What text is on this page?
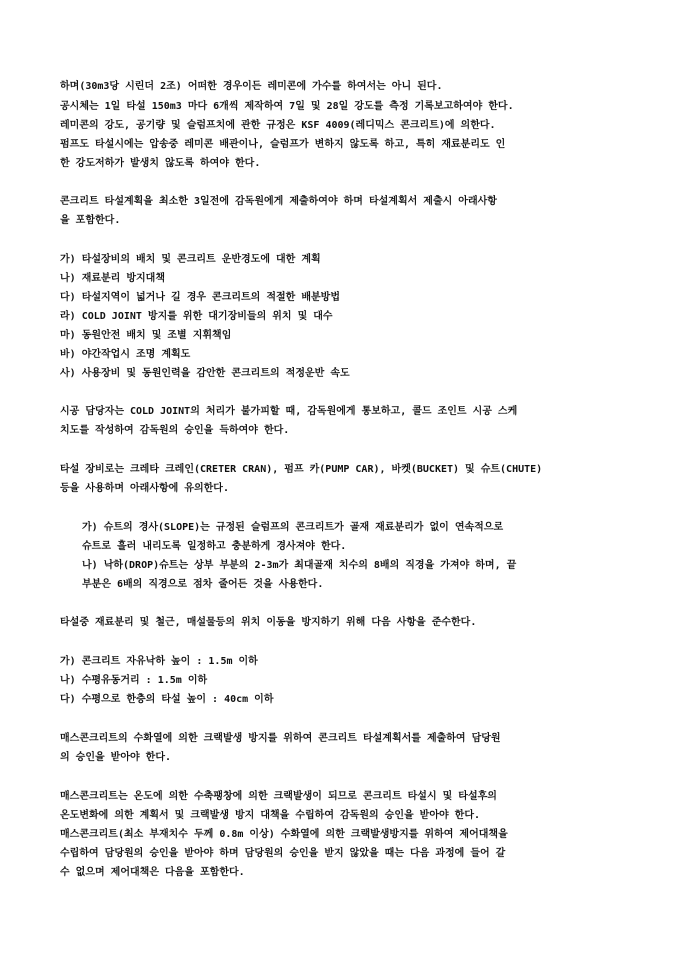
하며(30m3당 시린더 2조) 어떠한 경우이든 레미콘에 가수를 하여서는 아니 된다.
공시체는 1일 타설 150m3 마다 6개씩 제작하여 7일 및 28일 강도를 측정 기록보고하여야 한다.
레미콘의 강도, 공기량 및 슬럼프치에 관한 규정은 KSF 4009(레디믹스 콘크리트)에 의한다.
펌프도 타설시에는 압송중 레미콘 배관이나, 슬럼프가 변하지 않도록 하고, 특히 재료분리도 인
한 강도저하가 발생치 않도록 하여야 한다.
콘크리트 타설계획을 최소한 3일전에 감독원에게 제출하여야 하며 타설계획서 제출시 아래사항
을 포함한다.
가) 타설장비의 배치 및 콘크리트 운반경도에 대한 계획
나) 재료분리 방지대책
다) 타설지역이 넓거나 길 경우 콘크리트의 적절한 배분방법
라) COLD JOINT 방지를 위한 대기장비들의 위치 및 대수
마) 동원안전 배치 및 조별 지휘책임
바) 야간작업시 조명 계획도
사) 사용장비 및 동원인력을 감안한 콘크리트의 적정운반 속도
시공 담당자는 COLD JOINT의 처리가 불가피할 때, 감독원에게 통보하고, 콜드 조인트 시공 스케
치도를 작성하여 감독원의 승인을 득하여야 한다.
타설 장비로는 크레타 크레인(CRETER CRAN), 펌프 카(PUMP CAR), 바켓(BUCKET) 및 슈트(CHUTE)
등을 사용하며 아래사항에 유의한다.
가) 슈트의 경사(SLOPE)는 규정된 슬럼프의 콘크리트가 골재 재료분리가 없이 연속적으로
슈트로 흘러 내리도록 일정하고 충분하게 경사져야 한다.
나) 낙하(DROP)슈트는 상부 부분의 2-3m가 최대골재 치수의 8배의 직경을 가져야 하며, 끝
부분은 6배의 직경으로 점차 줄어든 것을 사용한다.
타설중 재료분리 및 철근, 매설물등의 위치 이동을 방지하기 위해 다음 사항을 준수한다.
가) 콘크리트 자유낙하 높이 : 1.5m 이하
나) 수평유동거리 : 1.5m 이하
다) 수평으로 한층의 타설 높이 : 40cm 이하
매스콘크리트의 수화열에 의한 크랙발생 방지를 위하여 콘크리트 타설계획서를 제출하여 담당원
의 승인을 받아야 한다.
매스콘크리트는 온도에 의한 수축팽창에 의한 크랙발생이 되므로 콘크리트 타설시 및 타설후의
온도변화에 의한 계획서 및 크랙발생 방지 대책을 수립하여 감독원의 승인을 받아야 한다.
매스콘크리트(최소 부재치수 두께 0.8m 이상) 수화열에 의한 크랙발생방지를 위하여 제어대책을
수립하여 담당원의 승인을 받아야 하며 담당원의 승인을 받지 않았을 때는 다음 과정에 들어 갈
수 없으며 제어대책은 다음을 포함한다.
